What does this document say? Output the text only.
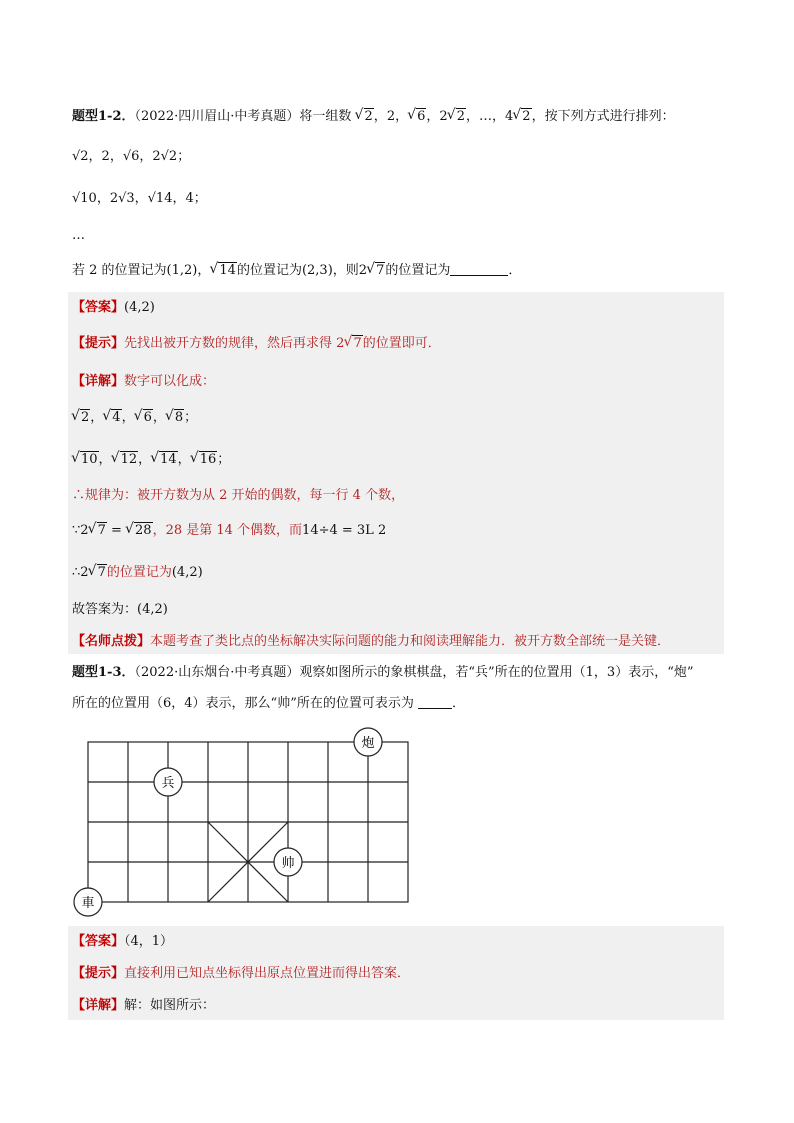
题型1-2．（2022·四川眉山·中考真题）将一组数 √ 2，2， √ 6，2 √ 2，…，4 √ 2，按下列方式进行排列：
√2，2，√6，2√2；
√10，2√3，√14，4；
…
若 2 的位置记为(1,2)， √ 14的位置记为(2,3)，则2 √ 7的位置记为	．
【答案】(4,2)
【提示】先找出被开方数的规律，然后再求得 2 √ 7的位置即可．
【详解】数字可以化成：
√ 2， √ 4， √ 6， √ 8；
√ 10， √ 12， √ 14， √ 16；
∴规律为：被开方数为从 2 开始的偶数，每一行 4 个数，
∵2 √ 7 = √ 28，28 是第 14 个偶数，而14÷4 = 3L 2
∴2 √ 7的位置记为(4,2)
故答案为：(4,2)
【名师点拨】本题考查了类比点的坐标解决实际问题的能力和阅读理解能力．被开方数全部统一是关键．
题型1-3．（2022·山东烟台·中考真题）观察如图所示的象棋棋盘，若“兵”所在的位置用（1，3）表示，“炮”
所在的位置用（6，4）表示，那么“帅”所在的位置可表示为	．
炮
兵
帅
車
【答案】（4，1）
【提示】直接利用已知点坐标得出原点位置进而得出答案．
【详解】解：如图所示：
